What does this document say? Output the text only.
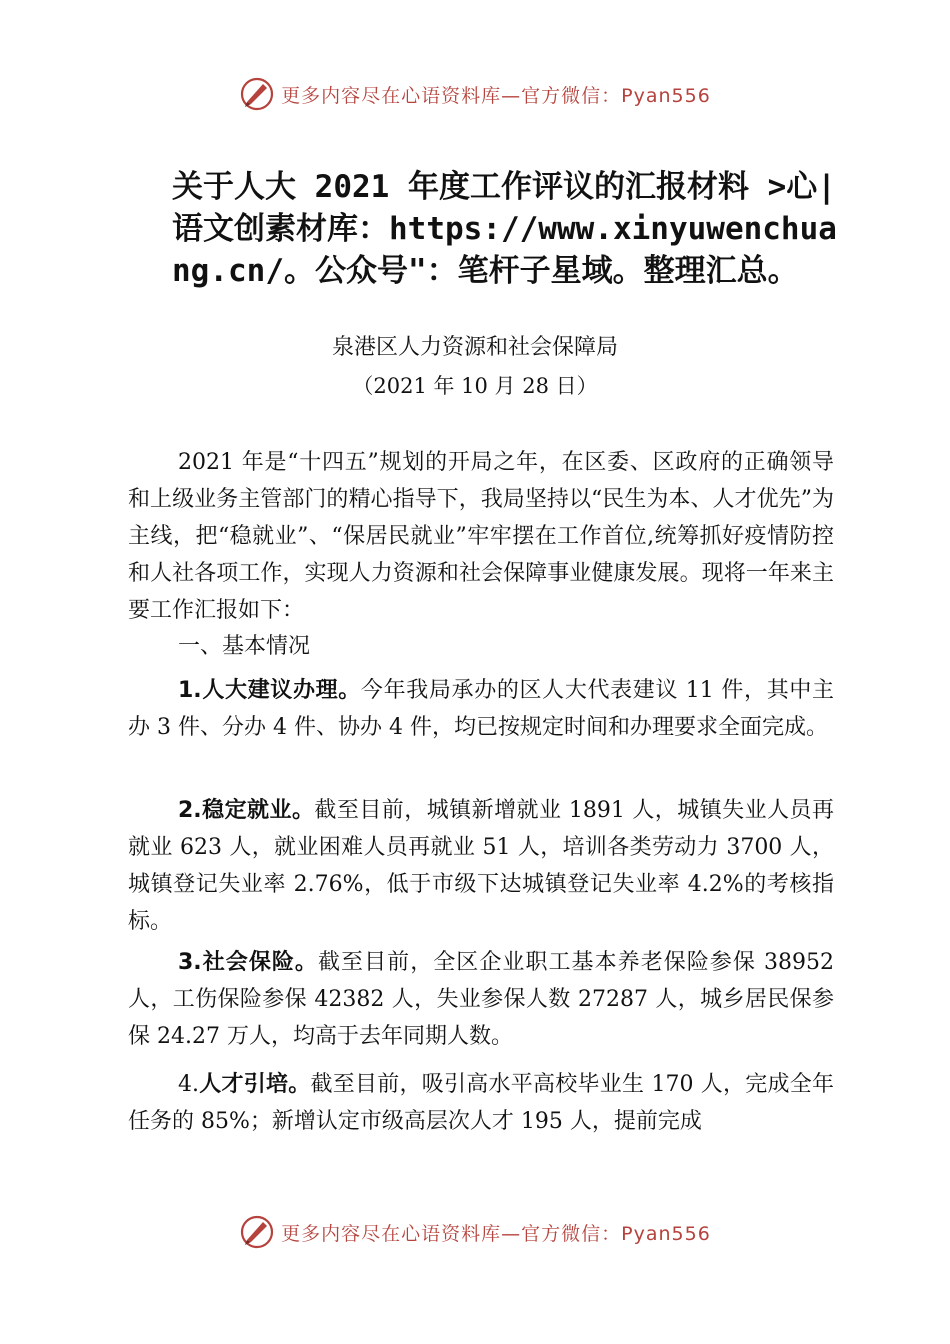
更多内容尽在心语资料库—官方微信：Pyan556
关于人大 2021 年度工作评议的汇报材料 >心|语文创素材库：https://www.xinyuwenchuang.cn/。公众号"：笔杆子星域。整理汇总。
泉港区人力资源和社会保障局
（2021 年 10 月 28 日）

2021 年是“十四五”规划的开局之年，在区委、区政府的正确领导和上级业务主管部门的精心指导下，我局坚持以“民生为本、人才优先”为主线，把“稳就业”、“保居民就业”牢牢摆在工作首位,统筹抓好疫情防控和人社各项工作，实现人力资源和社会保障事业健康发展。现将一年来主要工作汇报如下：

一、基本情况

1.人大建议办理。今年我局承办的区人大代表建议 11 件，其中主办 3 件、分办 4 件、协办 4 件，均已按规定时间和办理要求全面完成。

2.稳定就业。截至目前，城镇新增就业 1891 人，城镇失业人员再就业 623 人，就业困难人员再就业 51 人，培训各类劳动力 3700 人，城镇登记失业率 2.76%，低于市级下达城镇登记失业率 4.2%的考核指标。

3.社会保险。截至目前，全区企业职工基本养老保险参保 38952 人，工伤保险参保 42382 人，失业参保人数 27287 人，城乡居民保参保 24.27 万人，均高于去年同期人数。

4.人才引培。截至目前，吸引高水平高校毕业生 170 人，完成全年任务的 85%；新增认定市级高层次人才 195 人，提前完成

更多内容尽在心语资料库—官方微信：Pyan556
